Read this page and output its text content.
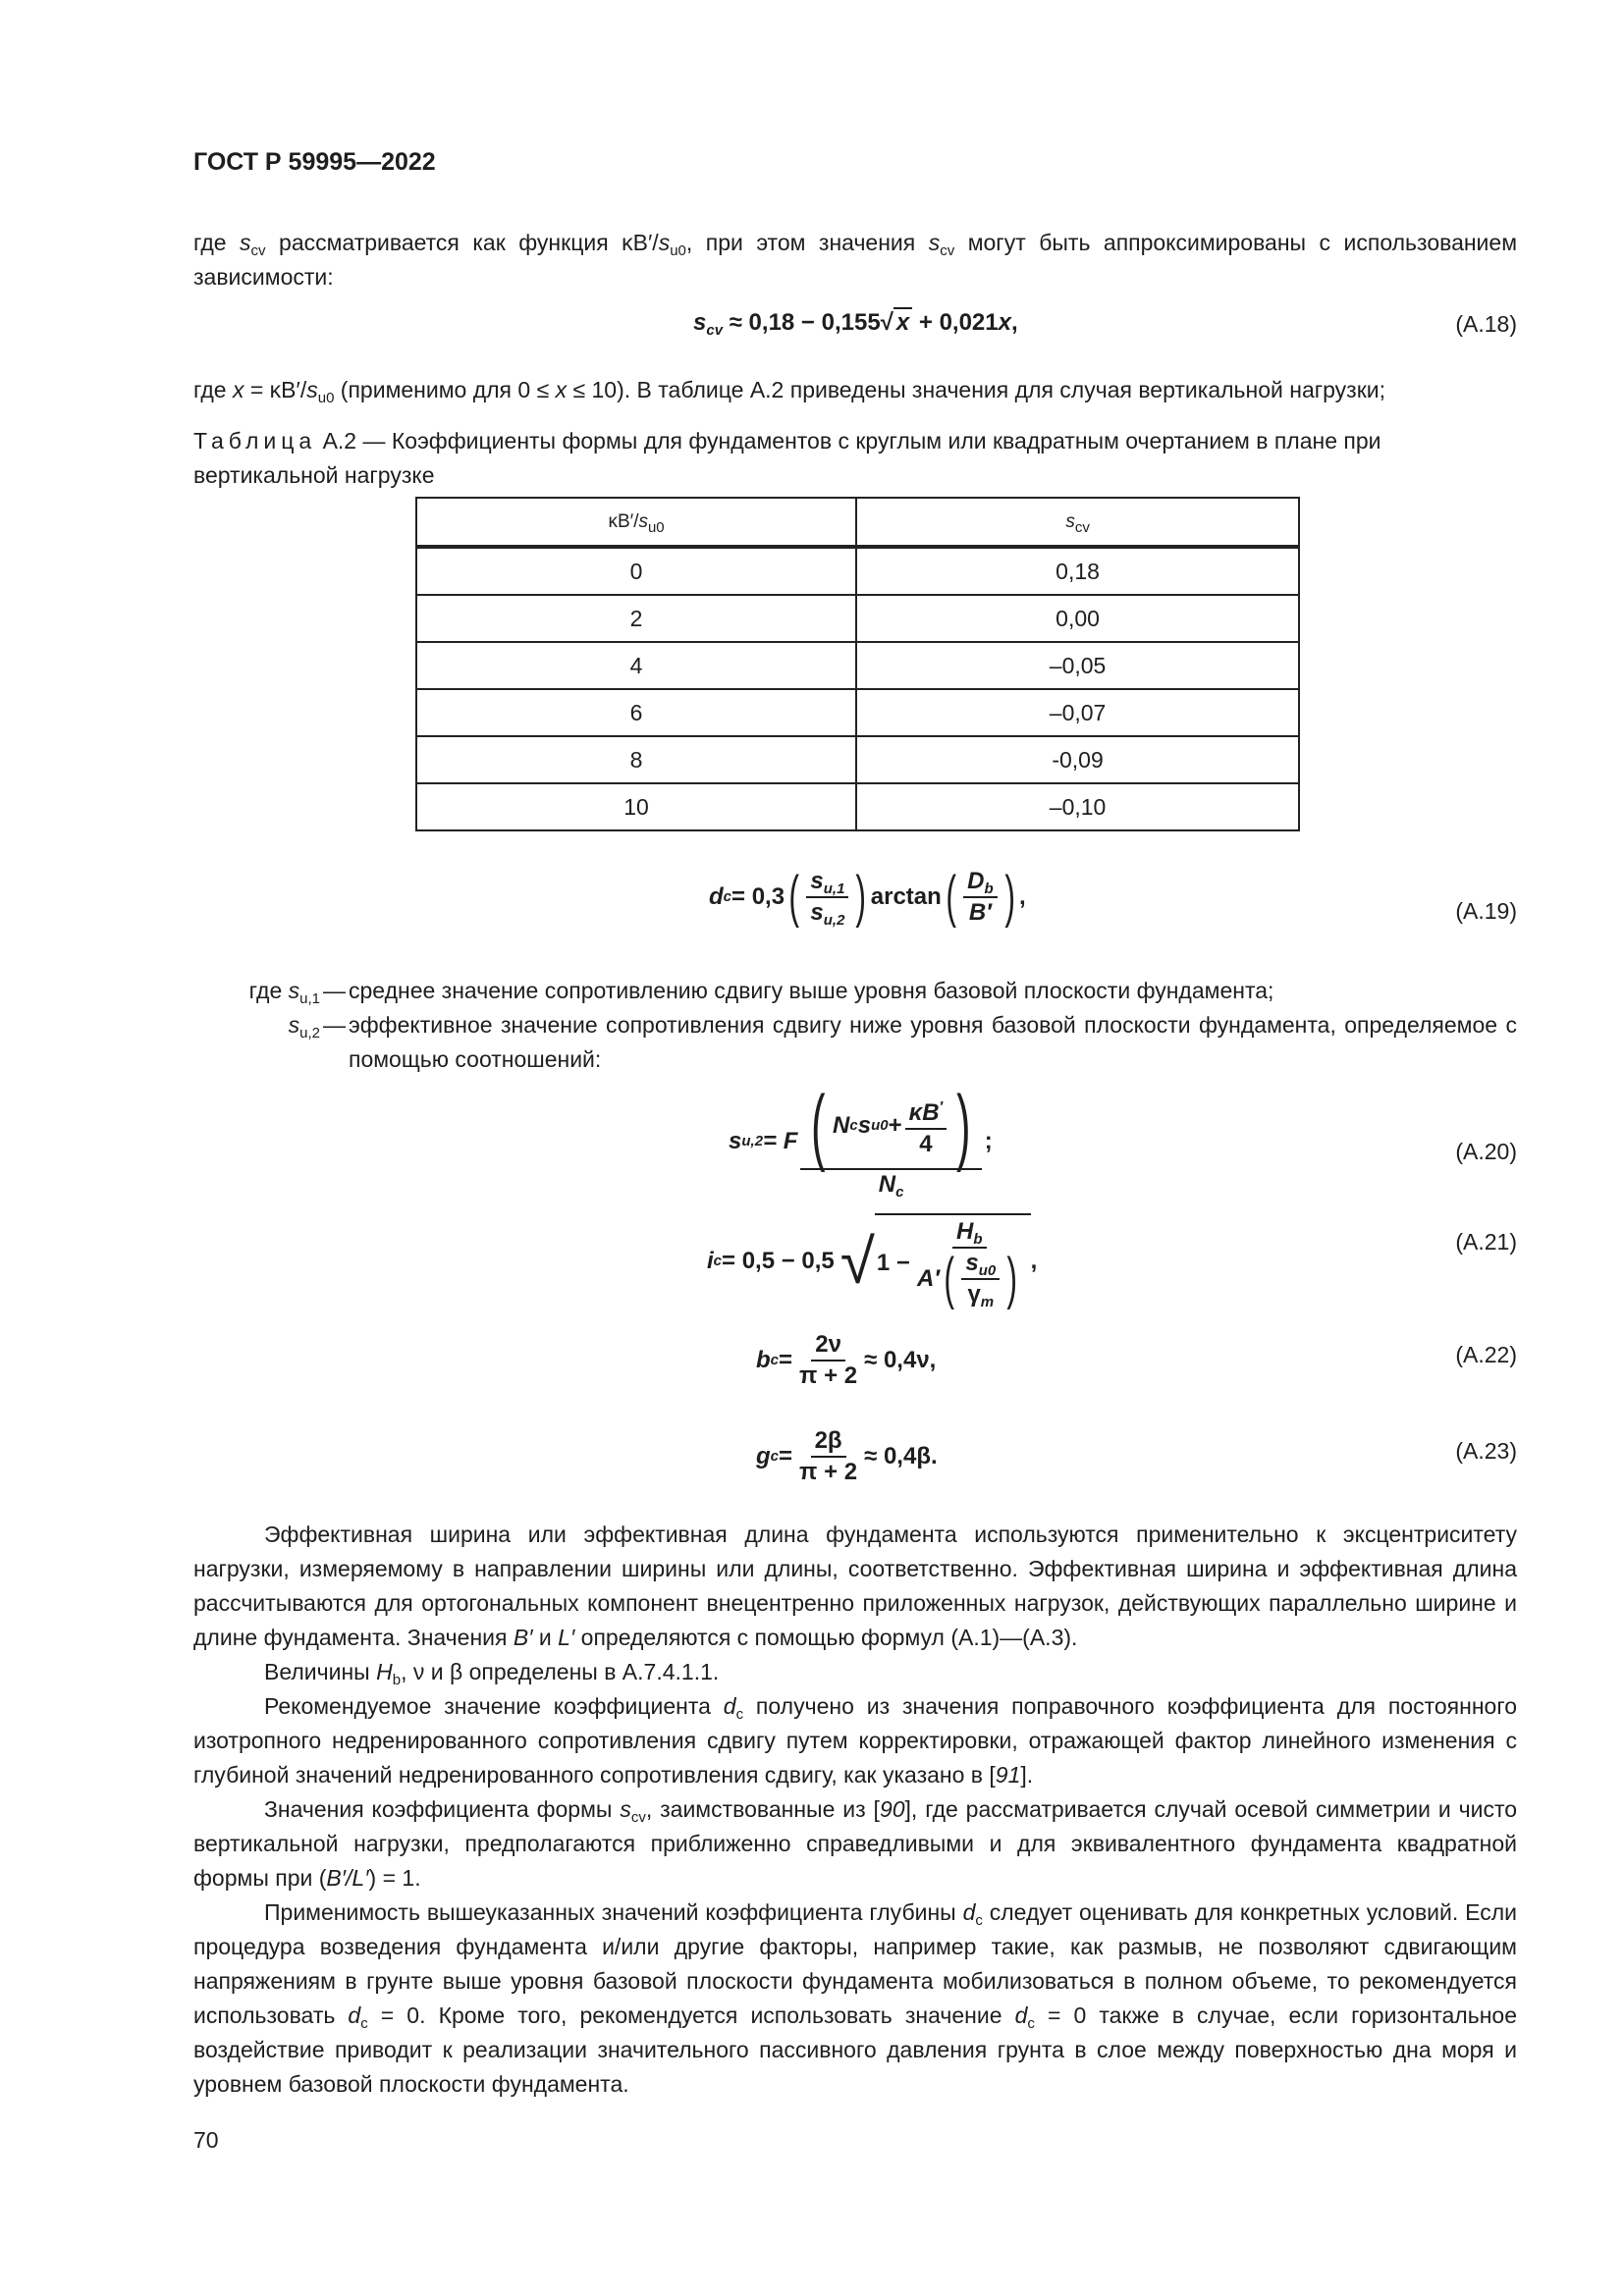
ГОСТ Р 59995—2022
где $s_{cv}$ рассматривается как функция $\kappa B'/s_{u0}$, при этом значения $s_{cv}$ могут быть аппроксимированы с использованием зависимости:
$s_{cv} \approx 0,18 - 0,155√$ x + 0,021x,	(А.18)
где $x = \kappa B'/s_{u0}$ (применимо для 0 ≤ x ≤ 10). В таблице А.2 приведены значения для случая вертикальной нагрузки;
Таблица А.2 — Коэффициенты формы для фундаментов с круглым или квадратным очертанием в плане при вертикальной нагрузке
$\kappa B'/s_{u0}$	$s_{cv}$
0	0,18
2	0,00
4	–0,05
6	–0,07
8	-0,09
10	–0,10
d c = 0,3 ( $\frac{s_{u,1}}{s_{u,2}}$ ) arctan ( $\frac{D_b}{B'}$ ) ,
(А.19)
где $s_{u,1}$ — среднее значение сопротивлению сдвигу выше уровня базовой плоскости фундамента;
$s_{u,2}$ — эффективное значение сопротивления сдвигу ниже уровня базовой плоскости фундамента, определяемое с помощью соотношений:
s u,2 = F $\frac{( N c s u0 + \frac{\kappa B'}{4} )}{N_c}$ ;	(А.20)
i c = 0,5 − 0,5 √ $1 - \frac{H_b}{A' ( \frac{s_{u0}}{\gamma_m} )}$ ,
(А.21)
b $c = \frac{2\nu}{\pi + 2} \approx 0,4\nu$,	(А.22)
g $c = \frac{2\beta}{\pi + 2} \approx 0,4\beta$.	(А.23)
Эффективная ширина или эффективная длина фундамента используются применительно к эксцентриситету нагрузки, измеряемому в направлении ширины или длины, соответственно. Эффективная ширина и эффективная длина рассчитываются для ортогональных компонент внецентренно приложенных нагрузок, действующих параллельно ширине и длине фундамента. Значения B′ и L′ определяются с помощью формул (А.1)—(А.3).
Величины $H_b$, ν и β определены в А.7.4.1.1.
Рекомендуемое значение коэффициента $d_c$ получено из значения поправочного коэффициента для постоянного изотропного недренированного сопротивления сдвигу путем корректировки, отражающей фактор линейного изменения с глубиной значений недренированного сопротивления сдвигу, как указано в [91].
Значения коэффициента формы $s_{cv}$, заимствованные из [90], где рассматривается случай осевой симметрии и чисто вертикальной нагрузки, предполагаются приближенно справедливыми и для эквивалентного фундамента квадратной формы при (B′/L′) = 1.
Применимость вышеуказанных значений коэффициента глубины $d_c$ следует оценивать для конкретных условий. Если процедура возведения фундамента и/или другие факторы, например такие, как размыв, не позволяют сдвигающим напряжениям в грунте выше уровня базовой плоскости фундамента мобилизоваться в полном объеме, то рекомендуется использовать $d_c = 0$. Кроме того, рекомендуется использовать значение $d_c = 0$ также в случае, если горизонтальное воздействие приводит к реализации значительного пассивного давления грунта в слое между поверхностью дна моря и уровнем базовой плоскости фундамента.
70
